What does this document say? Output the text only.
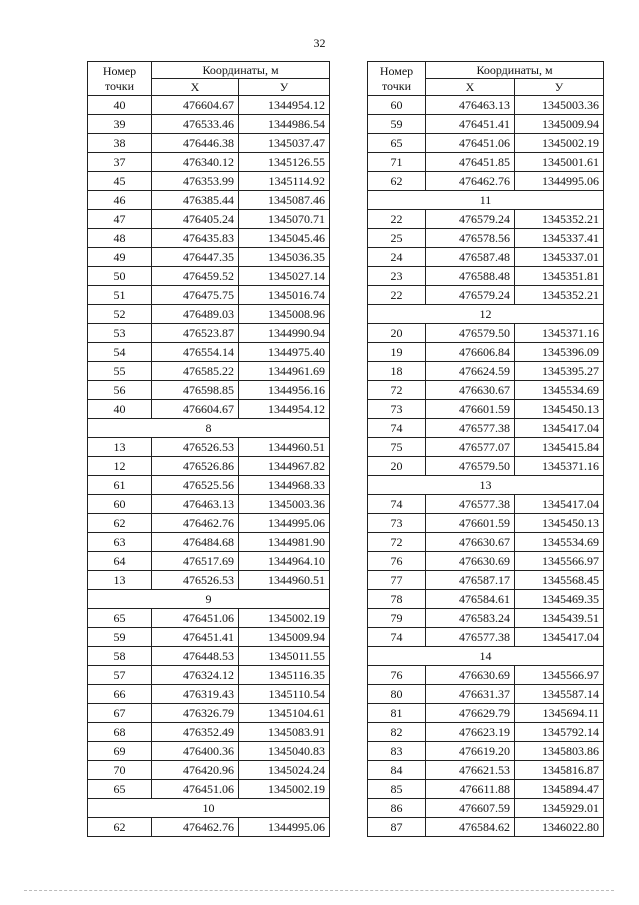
32
Номер точки	Координаты, м	
	X	У
40	476604.67	1344954.12
39	476533.46	1344986.54
38	476446.38	1345037.47
37	476340.12	1345126.55
45	476353.99	1345114.92
46	476385.44	1345087.46
47	476405.24	1345070.71
48	476435.83	1345045.46
49	476447.35	1345036.35
50	476459.52	1345027.14
51	476475.75	1345016.74
52	476489.03	1345008.96
53	476523.87	1344990.94
54	476554.14	1344975.40
55	476585.22	1344961.69
56	476598.85	1344956.16
40	476604.67	1344954.12
8		
13	476526.53	1344960.51
12	476526.86	1344967.82
61	476525.56	1344968.33
60	476463.13	1345003.36
62	476462.76	1344995.06
63	476484.68	1344981.90
64	476517.69	1344964.10
13	476526.53	1344960.51
9		
65	476451.06	1345002.19
59	476451.41	1345009.94
58	476448.53	1345011.55
57	476324.12	1345116.35
66	476319.43	1345110.54
67	476326.79	1345104.61
68	476352.49	1345083.91
69	476400.36	1345040.83
70	476420.96	1345024.24
65	476451.06	1345002.19
10		
62	476462.76	1344995.06
Номер точки	Координаты, м	
	X	У
60	476463.13	1345003.36
59	476451.41	1345009.94
65	476451.06	1345002.19
71	476451.85	1345001.61
62	476462.76	1344995.06
11		
22	476579.24	1345352.21
25	476578.56	1345337.41
24	476587.48	1345337.01
23	476588.48	1345351.81
22	476579.24	1345352.21
12		
20	476579.50	1345371.16
19	476606.84	1345396.09
18	476624.59	1345395.27
72	476630.67	1345534.69
73	476601.59	1345450.13
74	476577.38	1345417.04
75	476577.07	1345415.84
20	476579.50	1345371.16
13		
74	476577.38	1345417.04
73	476601.59	1345450.13
72	476630.67	1345534.69
76	476630.69	1345566.97
77	476587.17	1345568.45
78	476584.61	1345469.35
79	476583.24	1345439.51
74	476577.38	1345417.04
14		
76	476630.69	1345566.97
80	476631.37	1345587.14
81	476629.79	1345694.11
82	476623.19	1345792.14
83	476619.20	1345803.86
84	476621.53	1345816.87
85	476611.88	1345894.47
86	476607.59	1345929.01
87	476584.62	1346022.80
